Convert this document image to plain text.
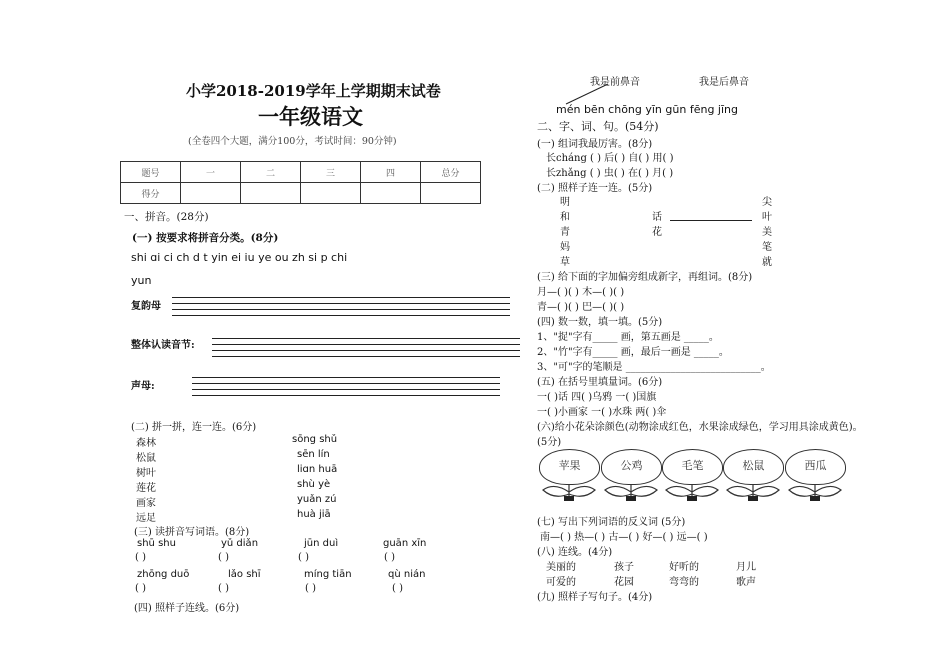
小学2018-2019学年上学期期末试卷
一年级语文
(全卷四个大题，满分100分，考试时间：90分钟)
题号	一	二	三	四	总分
得分					
一、拼音。(28分)
(一) 按要求将拼音分类。(8分)
shi ɑi ci ch d t yin ei iu ye ou zh si p chi
yun
复韵母
整体认读音节:
声母:
(二) 拼一拼，连一连。(6分)
森林
松鼠
树叶
莲花
画家
远足
sōng shǔ
sēn lín
liɑn huā
shù yè
yuǎn zú
huà jiā
(三) 读拼音写词语。(8分)
shū shu	yǔ diǎn	jūn duì	guān xīn
( )	( )	( )	( )
zhōng duō	lǎo shī	míng tiān	qù nián
( )	( )	( )	( )
(四) 照样子连线。(6分)
我是前鼻音	我是后鼻音
mén bēn chōng yīn gūn fēng jīng
二、字、词、句。(54分)
(一) 组词我最厉害。(8分)
长cháng ( ) 后( ) 自( ) 用( )
长zhǎng ( ) 虫( ) 在( ) 月( )
(二) 照样子连一连。(5分)
明
和
青
妈
草
话
花
尖
叶
美
笔
就
(三) 给下面的字加偏旁组成新字，再组词。(8分)
月—( )( ) 木—( )( )
青—( )( ) 巴—( )( )
(四) 数一数，填一填。(5分)
1、"捉"字有_____ 画，第五画是 _____。
2、"竹"字有_____ 画，最后一画是 _____。
3、"可"字的笔顺是 ___________________________。
(五) 在括号里填量词。(6分)
一( )话 四( )乌鸦 一( )国旗
一( )小画家 一( )水珠 两( )伞
(六)给小花朵涂颜色(动物涂成红色，水果涂成绿色，学习用具涂成黄色)。
(5分)
苹果	公鸡	毛笔	松鼠	西瓜
(七) 写出下列词语的反义词 (5分)
南—( ) 热—( ) 古—( ) 好—( ) 远—( )
(八) 连线。(4分)
美丽的	孩子	好听的	月儿
可爱的	花园	弯弯的	歌声
(九) 照样子写句子。(4分)
